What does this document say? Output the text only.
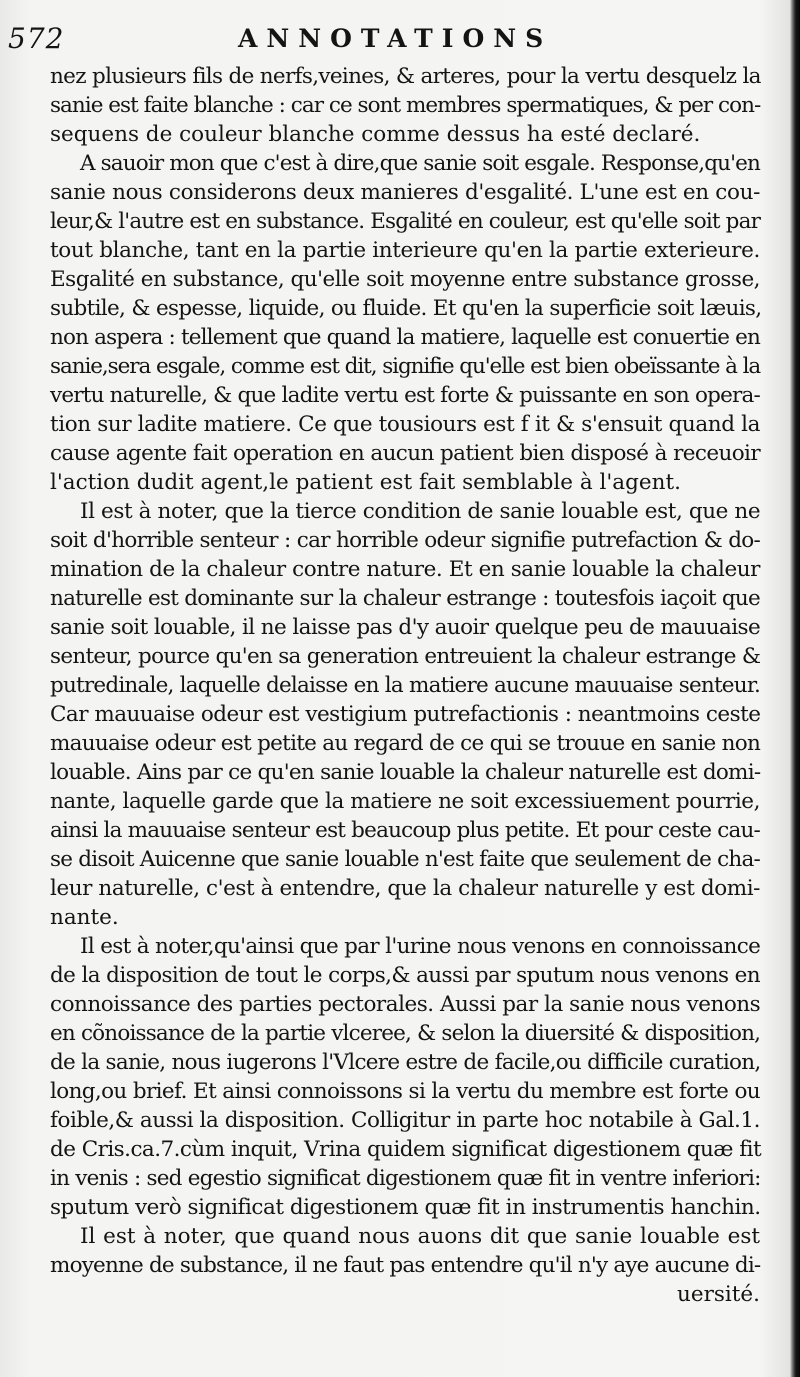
572	ANNOTATIONS
nez plusieurs fils de nerfs,veines, & arteres, pour la vertu desquelz la
sanie est faite blanche : car ce sont membres spermatiques, & per con-
sequens de couleur blanche comme dessus ha esté declaré.
A sauoir mon que c'est à dire,que sanie soit esgale. Response,qu'en
sanie nous considerons deux manieres d'esgalité. L'une est en cou-
leur,& l'autre est en substance. Esgalité en couleur, est qu'elle soit par
tout blanche, tant en la partie interieure qu'en la partie exterieure.
Esgalité en substance, qu'elle soit moyenne entre substance grosse,
subtile, & espesse, liquide, ou fluide. Et qu'en la superficie soit læuis,
non aspera : tellement que quand la matiere, laquelle est conuertie en
sanie,sera esgale, comme est dit, signifie qu'elle est bien obeïssante à la
vertu naturelle, & que ladite vertu est forte & puissante en son opera-
tion sur ladite matiere. Ce que tousiours est f it & s'ensuit quand la
cause agente fait operation en aucun patient bien disposé à receuoir
l'action dudit agent,le patient est fait semblable à l'agent.
Il est à noter, que la tierce condition de sanie louable est, que ne
soit d'horrible senteur : car horrible odeur signifie putrefaction & do-
mination de la chaleur contre nature. Et en sanie louable la chaleur
naturelle est dominante sur la chaleur estrange : toutesfois iaçoit que
sanie soit louable, il ne laisse pas d'y auoir quelque peu de mauuaise
senteur, pource qu'en sa generation entreuient la chaleur estrange &
putredinale, laquelle delaisse en la matiere aucune mauuaise senteur.
Car mauuaise odeur est vestigium putrefactionis : neantmoins ceste
mauuaise odeur est petite au regard de ce qui se trouue en sanie non
louable. Ains par ce qu'en sanie louable la chaleur naturelle est domi-
nante, laquelle garde que la matiere ne soit excessiuement pourrie,
ainsi la mauuaise senteur est beaucoup plus petite. Et pour ceste cau-
se disoit Auicenne que sanie louable n'est faite que seulement de cha-
leur naturelle, c'est à entendre, que la chaleur naturelle y est domi-
nante.
Il est à noter,qu'ainsi que par l'urine nous venons en connoissance
de la disposition de tout le corps,& aussi par sputum nous venons en
connoissance des parties pectorales. Aussi par la sanie nous venons
en cõnoissance de la partie vlceree, & selon la diuersité & disposition,
de la sanie, nous iugerons l'Vlcere estre de facile,ou difficile curation,
long,ou brief. Et ainsi connoissons si la vertu du membre est forte ou
foible,& aussi la disposition. Colligitur in parte hoc notabile à Gal.1.
de Cris.ca.7.cùm inquit, Vrina quidem significat digestionem quæ fit
in venis : sed egestio significat digestionem quæ fit in ventre inferiori:
sputum verò significat digestionem quæ fit in instrumentis hanchin.
Il est à noter, que quand nous auons dit que sanie louable est
moyenne de substance, il ne faut pas entendre qu'il n'y aye aucune di-
uersité.
